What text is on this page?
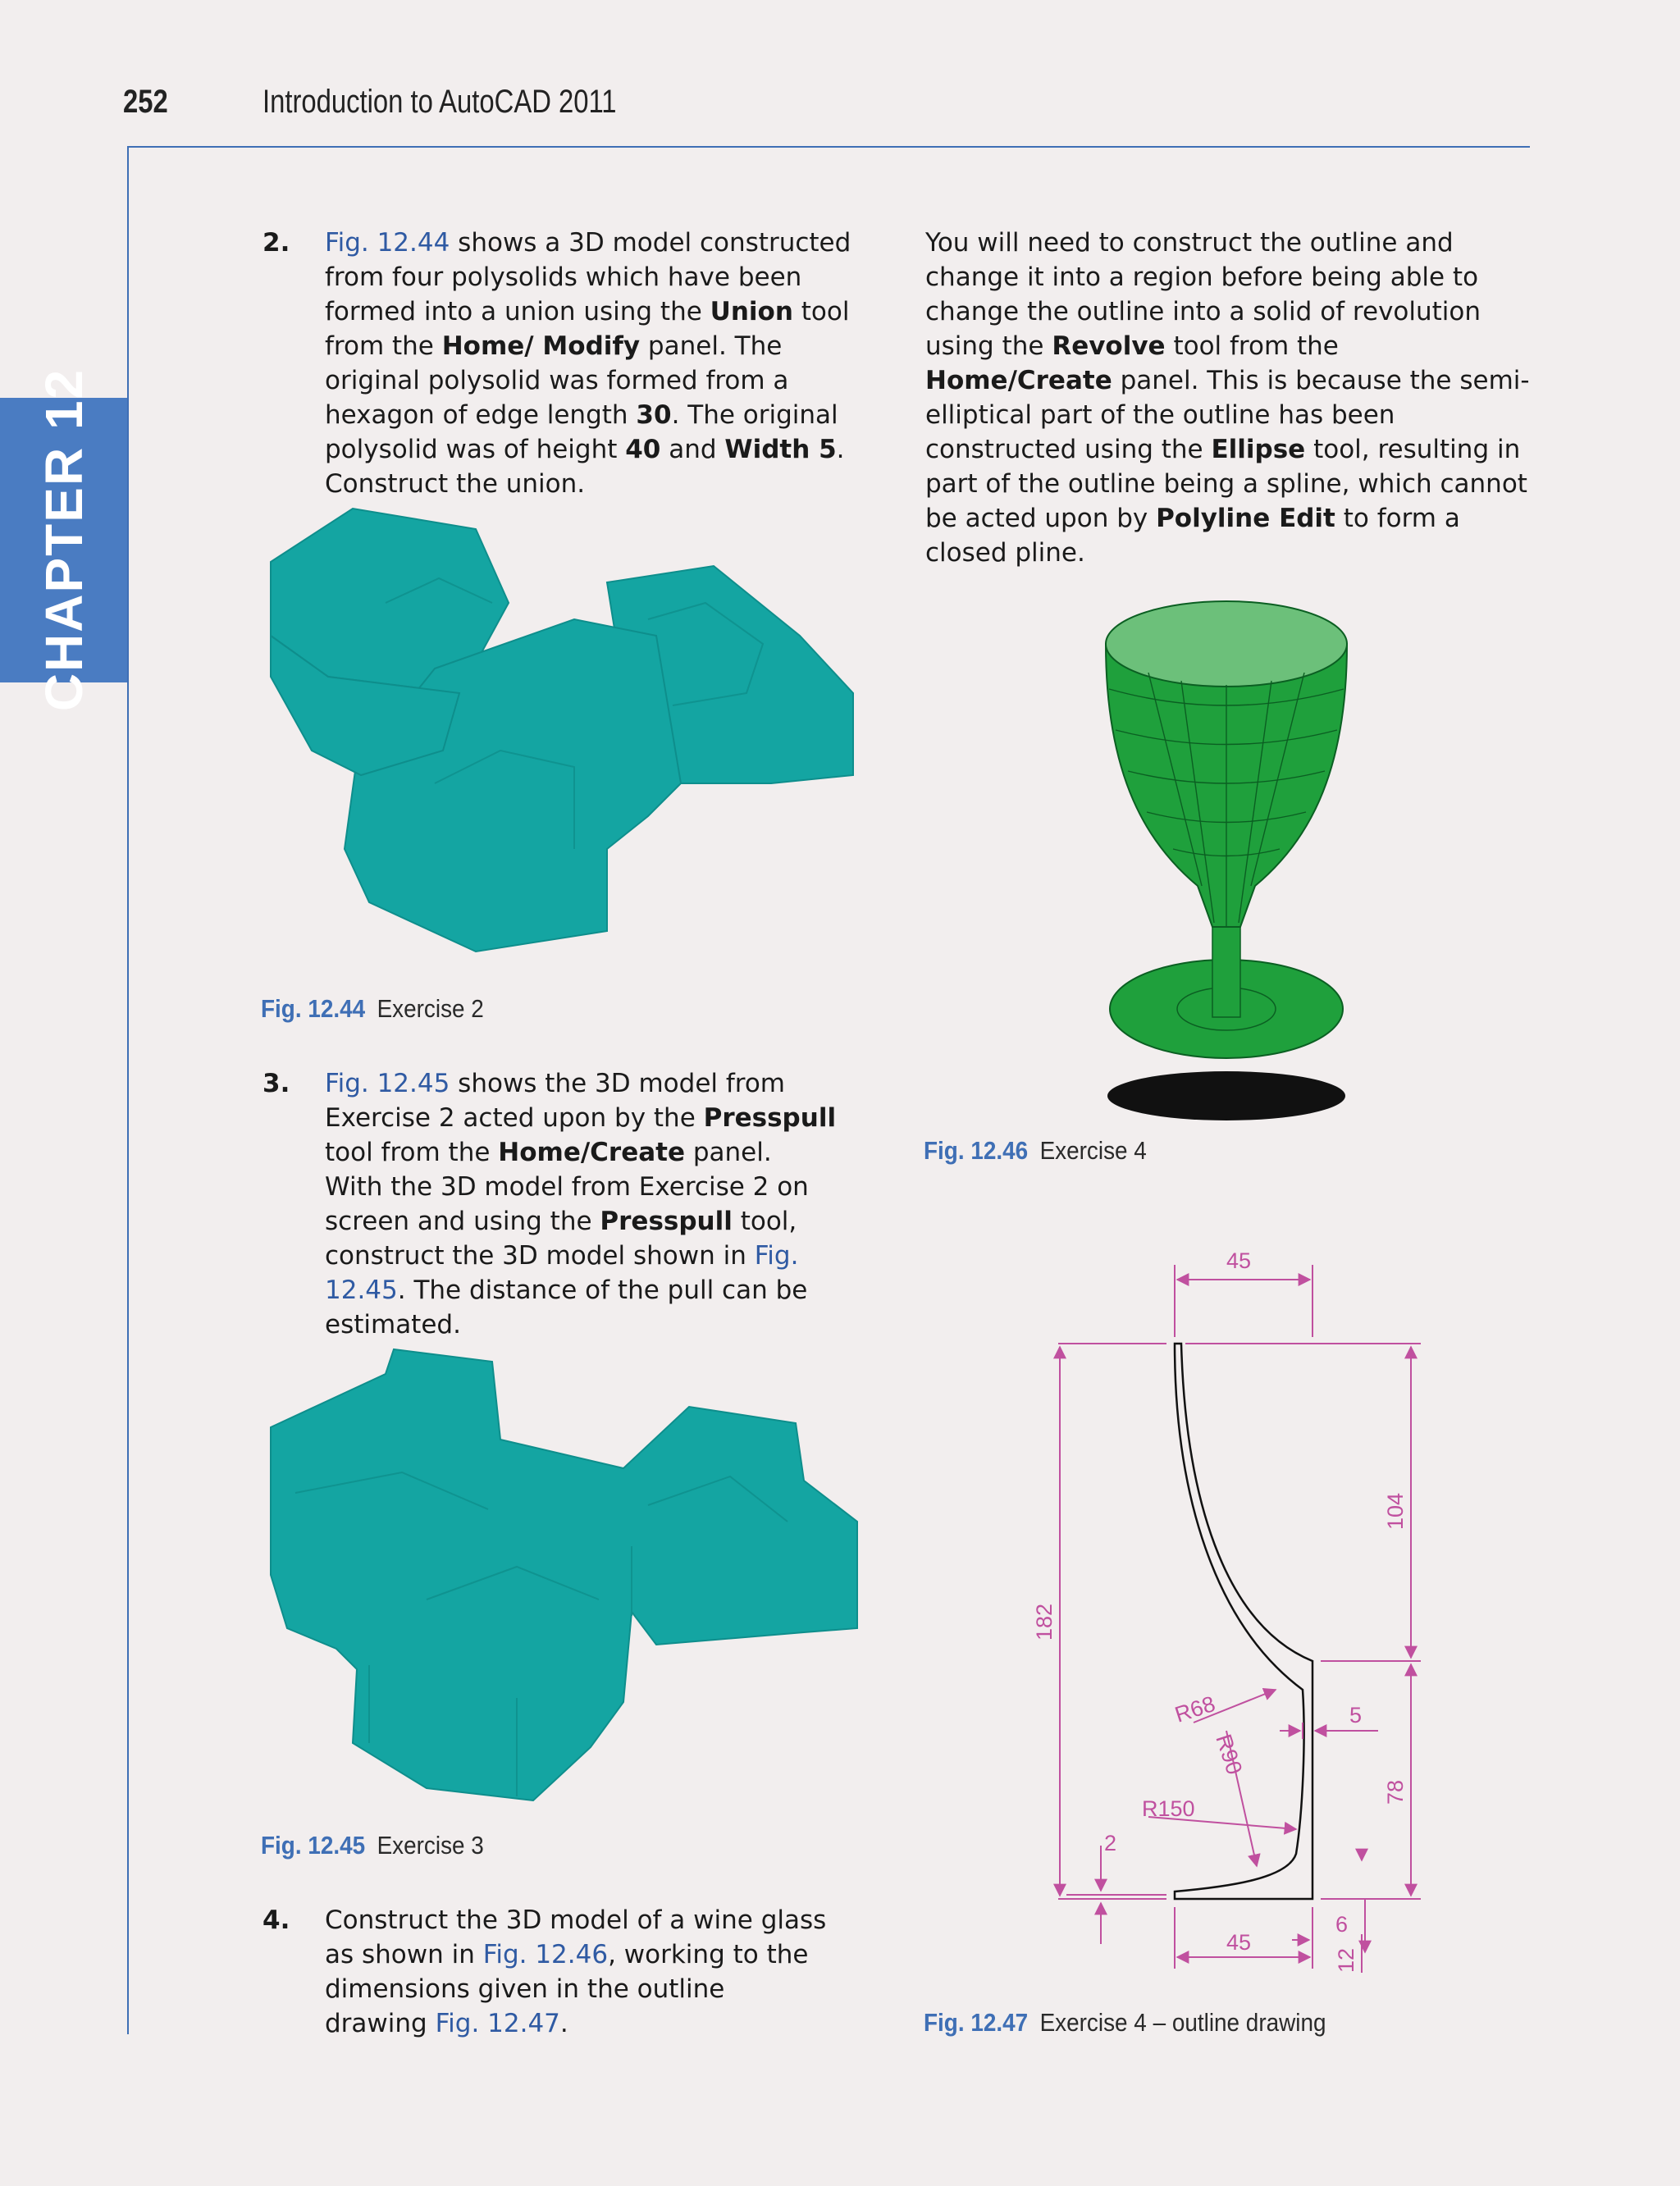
252	Introduction to AutoCAD 2011
CHAPTER 12
2. Fig. 12.44 shows a 3D model constructed from four polysolids which have been formed into a union using the Union tool from the Home/ Modify panel. The original polysolid was formed from a hexagon of edge length 30. The original polysolid was of height 40 and Width 5. Construct the union.
Fig. 12.44 Exercise 2
3. Fig. 12.45 shows the 3D model from Exercise 2 acted upon by the Presspull tool from the Home/Create panel.
With the 3D model from Exercise 2 on screen and using the Presspull tool, construct the 3D model shown in Fig. 12.45. The distance of the pull can be estimated.
Fig. 12.45 Exercise 3
4. Construct the 3D model of a wine glass as shown in Fig. 12.46, working to the dimensions given in the outline drawing Fig. 12.47.
You will need to construct the outline and change it into a region before being able to change the outline into a solid of revolution using the Revolve tool from the Home/Create panel. This is because the semi-elliptical part of the outline has been constructed using the Ellipse tool, resulting in part of the outline being a spline, which cannot be acted upon by Polyline Edit to form a closed pline.
Fig. 12.46 Exercise 4
45
182
104
78
5
R68
R90
R150
2
45
6
12
Fig. 12.47 Exercise 4 – outline drawing
